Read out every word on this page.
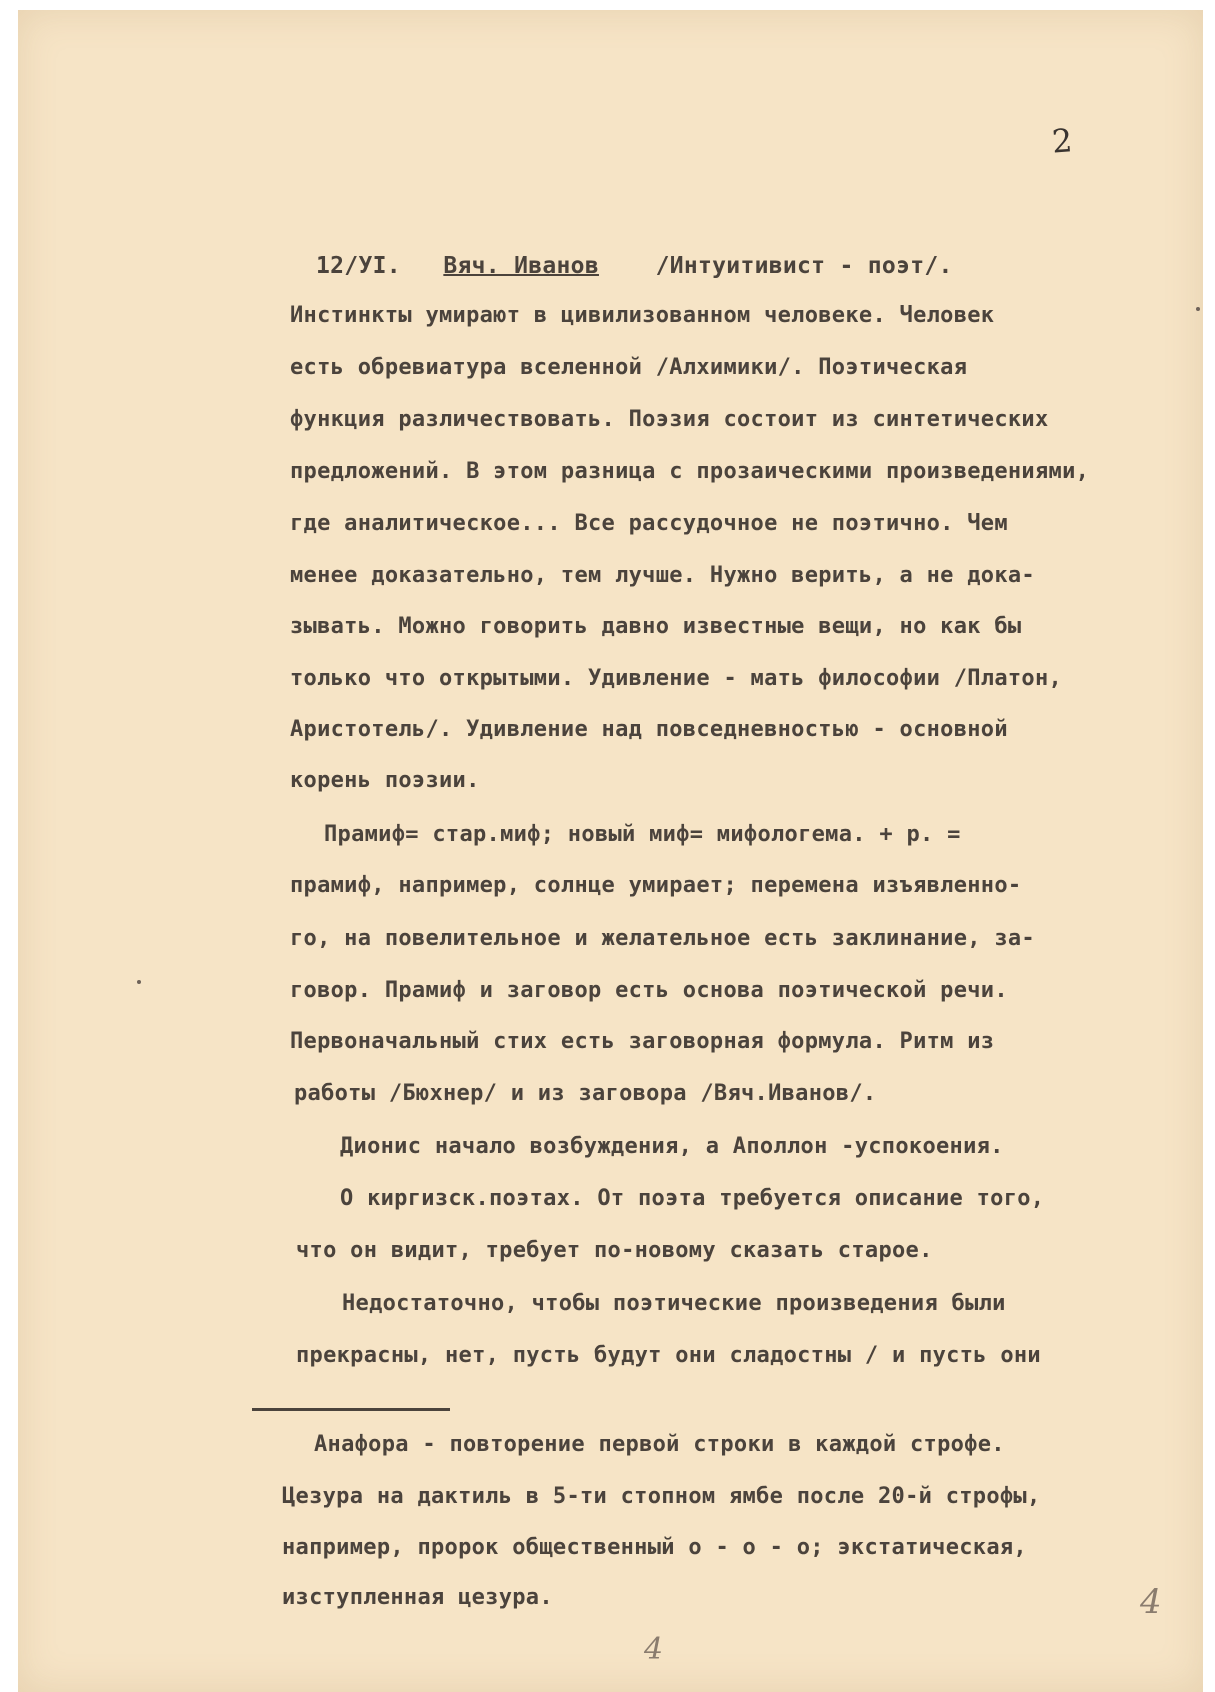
2
12/УI. Вяч. Иванов /Интуитивист - поэт/.
Инстинкты умирают в цивилизованном человеке. Человек
есть обревиатура вселенной /Алхимики/. Поэтическая
функция различествовать. Поэзия состоит из синтетических
предложений. В этом разница с прозаическими произведениями,
где аналитическое... Все рассудочное не поэтично. Чем
менее доказательно, тем лучше. Нужно верить, а не дока-
зывать. Можно говорить давно известные вещи, но как бы
только что открытыми. Удивление - мать философии /Платон,
Аристотель/. Удивление над повседневностью - основной
корень поэзии.
Прамиф= стар.миф; новый миф= мифологема. + р. =
прамиф, например, солнце умирает; перемена изъявленно-
го, на повелительное и желательное есть заклинание, за-
говор. Прамиф и заговор есть основа поэтической речи.
Первоначальный стих есть заговорная формула. Ритм из
работы /Бюхнер/ и из заговора /Вяч.Иванов/.
Дионис начало возбуждения, а Аполлон -успокоения.
О киргизск.поэтах. От поэта требуется описание того,
что он видит, требует по-новому сказать старое.
Недостаточно, чтобы поэтические произведения были
прекрасны, нет, пусть будут они сладостны / и пусть они
Анафора - повторение первой строки в каждой строфе.
Цезура на дактиль в 5-ти стопном ямбе после 20-й строфы,
например, пророк общественный о - о - о; экстатическая,
изступленная цезура.	4
4
